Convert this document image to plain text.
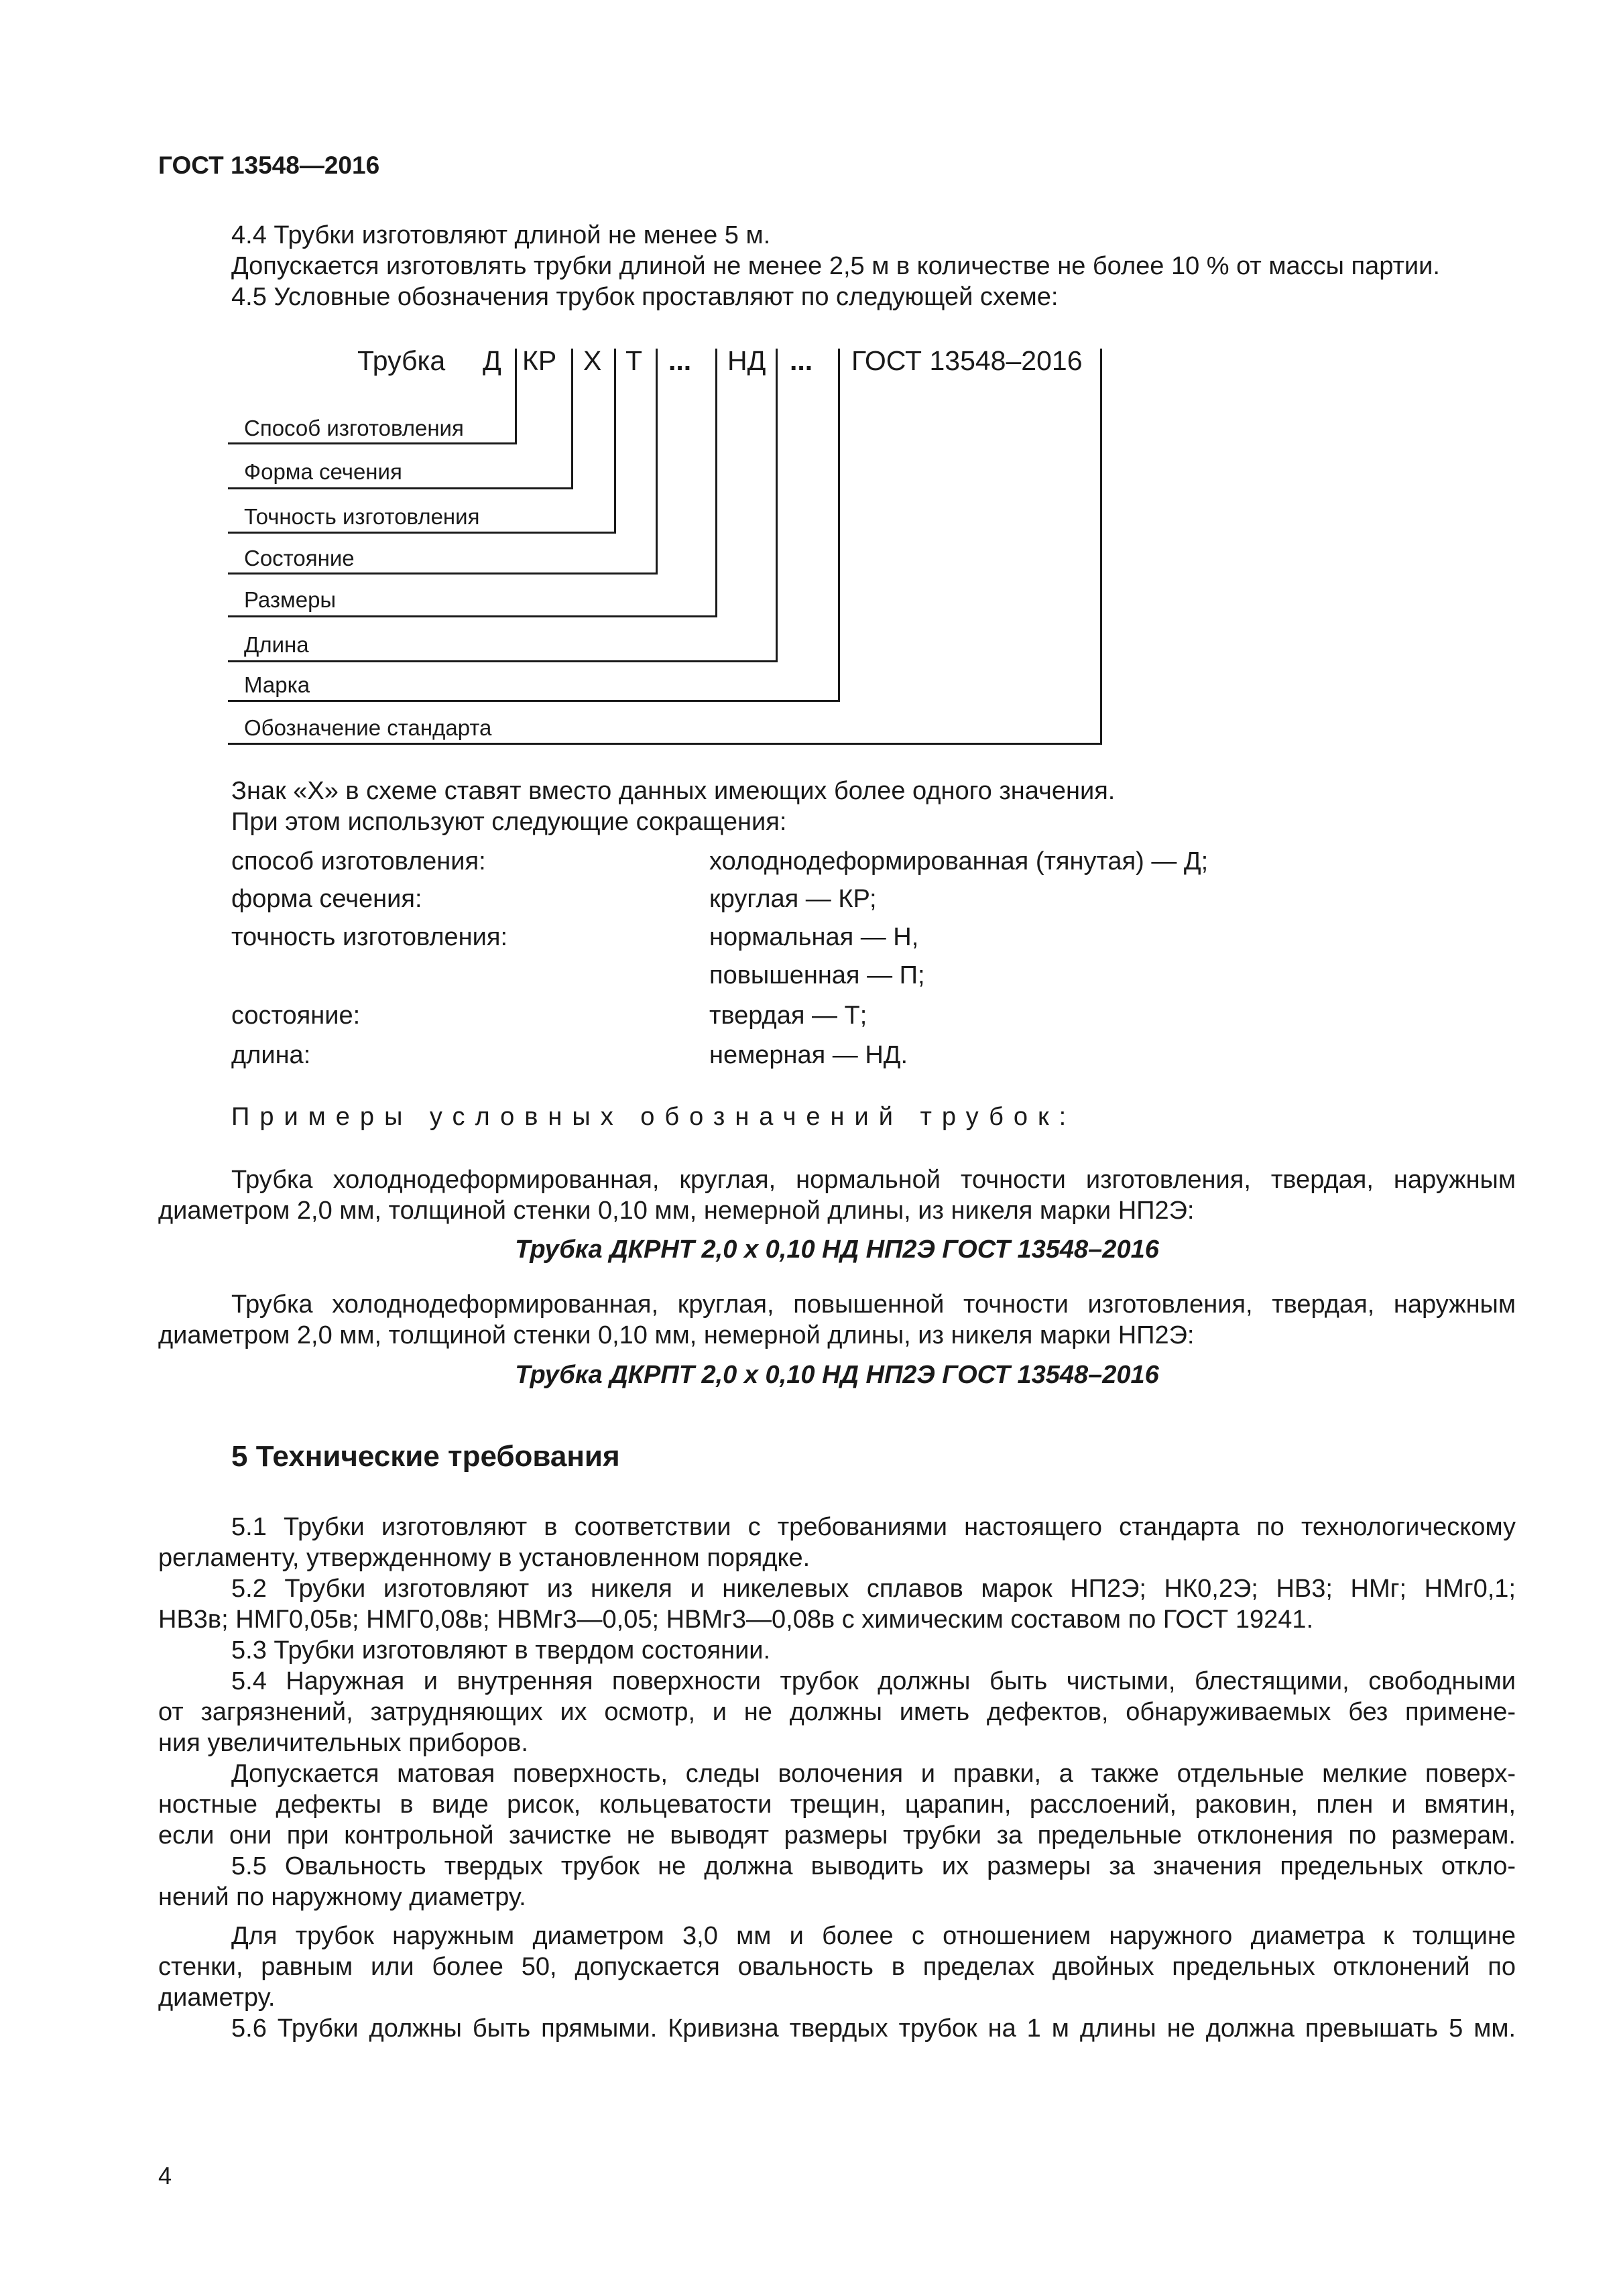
ГОСТ 13548—2016
4.4 Трубки изготовляют длиной не менее 5 м.
Допускается изготовлять трубки длиной не менее 2,5 м в количестве не более 10 % от массы партии.
4.5 Условные обозначения трубок проставляют по следующей схеме:
Трубка Д КР Х Т ... НД ... ГОСТ 13548–2016
Способ изготовления
Форма сечения
Точность изготовления
Состояние
Размеры
Длина
Марка
Обозначение стандарта
Знак «Х» в схеме ставят вместо данных имеющих более одного значения.
При этом используют следующие сокращения:
способ изготовления:	холоднодеформированная (тянутая) — Д;
форма сечения:	круглая — КР;
точность изготовления:	нормальная — Н,
повышенная — П;
состояние:	твердая — Т;
длина:	немерная — НД.
Примеры условных обозначений трубок:
Трубка холоднодеформированная, круглая, нормальной точности изготовления, твердая, наружным
диаметром 2,0 мм, толщиной стенки 0,10 мм, немерной длины, из никеля марки НП2Э:
Трубка ДКРНТ 2,0 х 0,10 НД НП2Э ГОСТ 13548–2016
Трубка холоднодеформированная, круглая, повышенной точности изготовления, твердая, наружным
диаметром 2,0 мм, толщиной стенки 0,10 мм, немерной длины, из никеля марки НП2Э:
Трубка ДКРПТ 2,0 х 0,10 НД НП2Э ГОСТ 13548–2016
5 Технические требования
5.1 Трубки изготовляют в соответствии с требованиями настоящего стандарта по технологическому
регламенту, утвержденному в установленном порядке.
5.2 Трубки изготовляют из никеля и никелевых сплавов марок НП2Э; НК0,2Э; НВ3; НМг; НМг0,1;
НВ3в; НМГ0,05в; НМГ0,08в; НВМг3—0,05; НВМг3—0,08в с химическим составом по ГОСТ 19241.
5.3 Трубки изготовляют в твердом состоянии.
5.4 Наружная и внутренняя поверхности трубок должны быть чистыми, блестящими, свободными
от загрязнений, затрудняющих их осмотр, и не должны иметь дефектов, обнаруживаемых без примене-
ния увеличительных приборов.
Допускается матовая поверхность, следы волочения и правки, а также отдельные мелкие поверх-
ностные дефекты в виде рисок, кольцеватости трещин, царапин, расслоений, раковин, плен и вмятин,
если они при контрольной зачистке не выводят размеры трубки за предельные отклонения по размерам.
5.5 Овальность твердых трубок не должна выводить их размеры за значения предельных откло-
нений по наружному диаметру.
Для трубок наружным диаметром 3,0 мм и более с отношением наружного диаметра к толщине
стенки, равным или более 50, допускается овальность в пределах двойных предельных отклонений по
диаметру.
5.6 Трубки должны быть прямыми. Кривизна твердых трубок на 1 м длины не должна превышать 5 мм.
4
